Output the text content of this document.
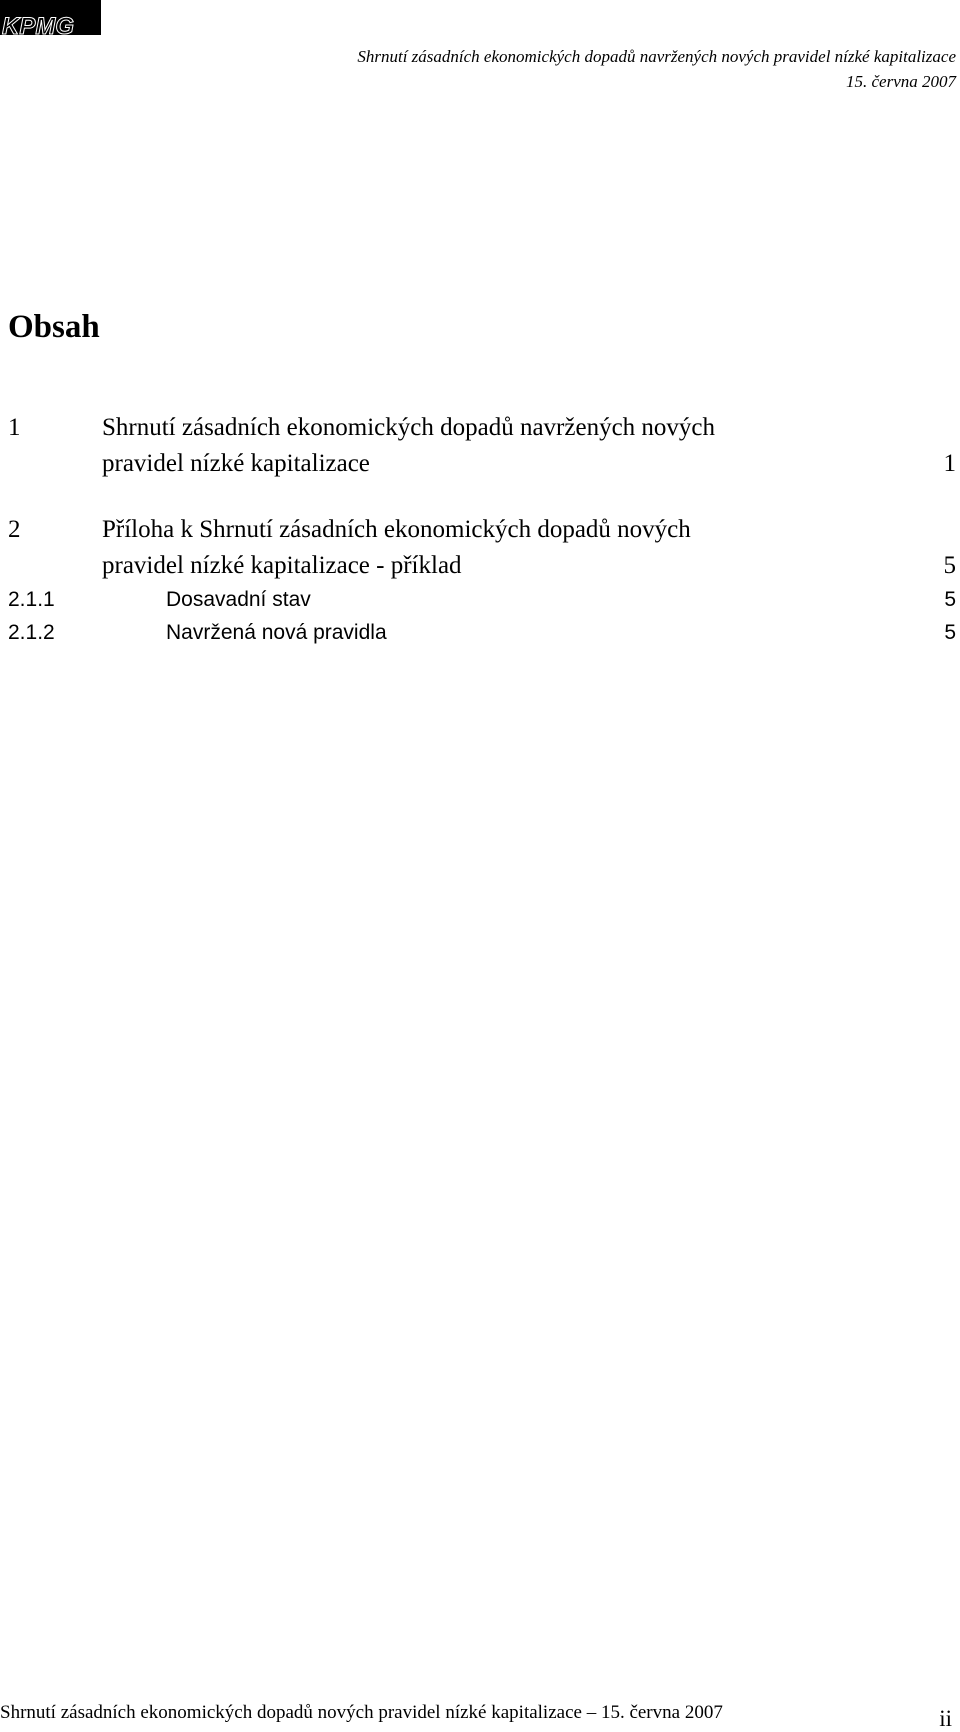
KPMG
Shrnutí zásadních ekonomických dopadů navržených nových pravidel nízké kapitalizace
15. června 2007
Obsah
1	Shrnutí zásadních ekonomických dopadů navržených nových
pravidel nízké kapitalizace	1
2	Příloha k Shrnutí zásadních ekonomických dopadů nových
pravidel nízké kapitalizace - příklad	5
2.1.1	Dosavadní stav	5
2.1.2	Navržená nová pravidla	5
Shrnutí zásadních ekonomických dopadů nových pravidel nízké kapitalizace – 15. června 2007	ii
